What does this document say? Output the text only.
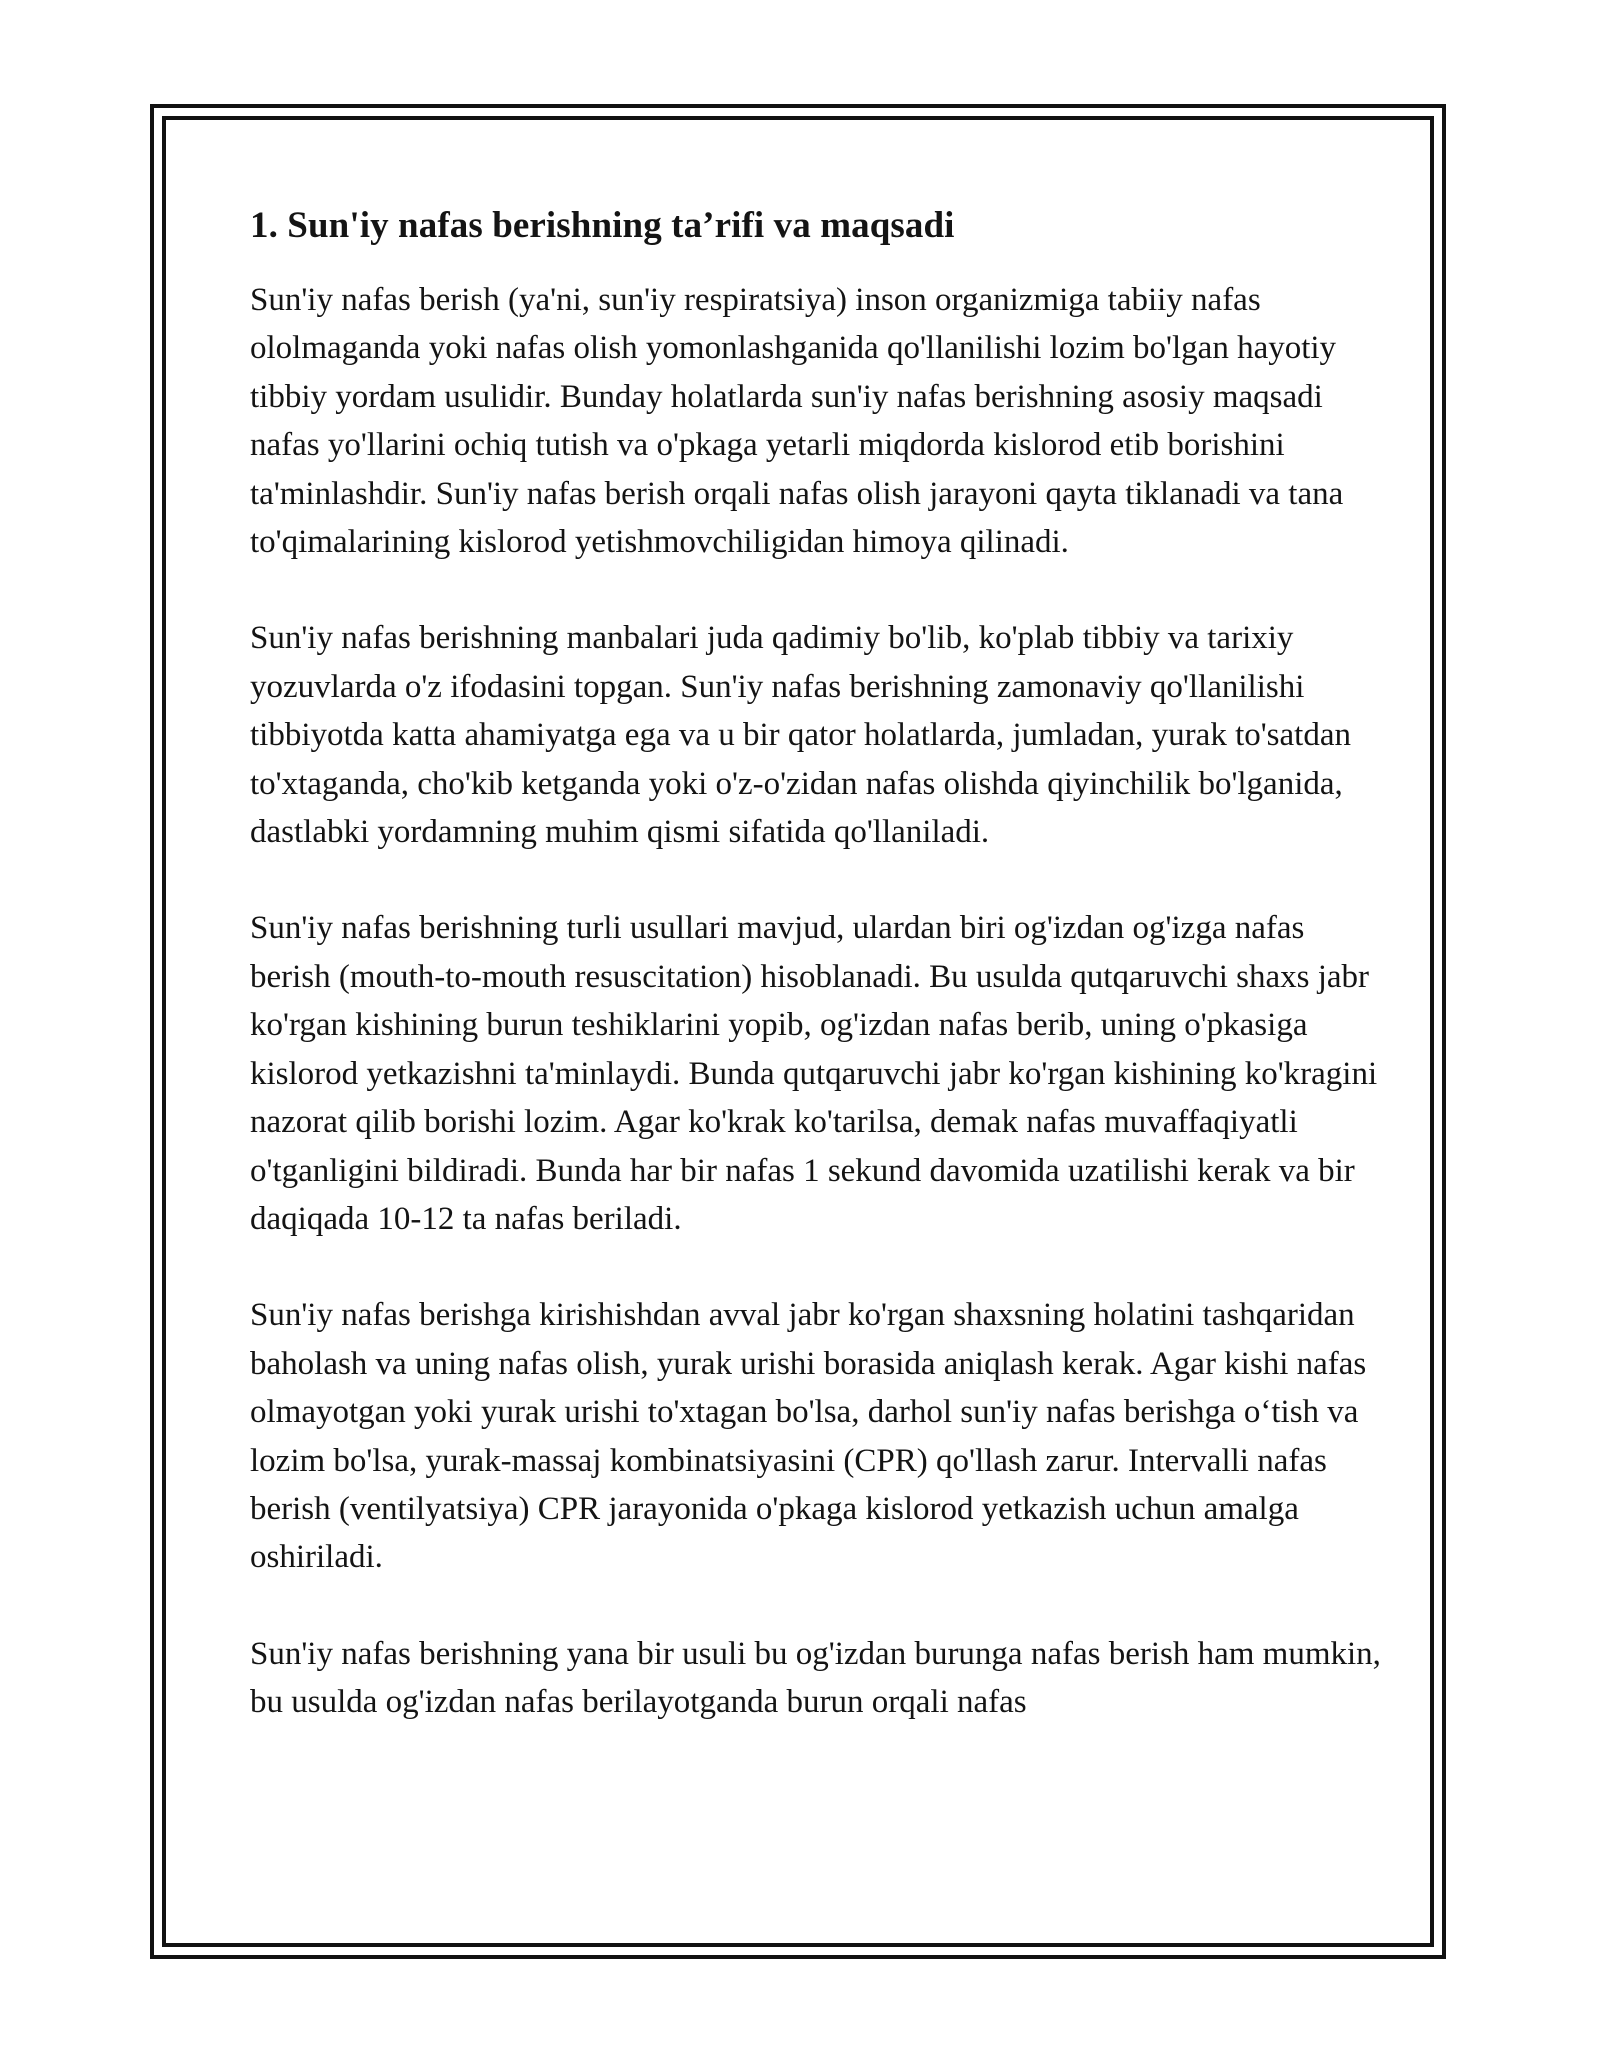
1. Sun'iy nafas berishning ta’rifi va maqsadi

Sun'iy nafas berish (ya'ni, sun'iy respiratsiya) inson organizmiga tabiiy nafas ololmaganda yoki nafas olish yomonlashganida qo'llanilishi lozim bo'lgan hayotiy tibbiy yordam usulidir. Bunday holatlarda sun'iy nafas berishning asosiy maqsadi nafas yo'llarini ochiq tutish va o'pkaga yetarli miqdorda kislorod etib borishini ta'minlashdir. Sun'iy nafas berish orqali nafas olish jarayoni qayta tiklanadi va tana to'qimalarining kislorod yetishmovchiligidan himoya qilinadi.

Sun'iy nafas berishning manbalari juda qadimiy bo'lib, ko'plab tibbiy va tarixiy yozuvlarda o'z ifodasini topgan. Sun'iy nafas berishning zamonaviy qo'llanilishi tibbiyotda katta ahamiyatga ega va u bir qator holatlarda, jumladan, yurak to'satdan to'xtaganda, cho'kib ketganda yoki o'z-o'zidan nafas olishda qiyinchilik bo'lganida, dastlabki yordamning muhim qismi sifatida qo'llaniladi.

Sun'iy nafas berishning turli usullari mavjud, ulardan biri og'izdan og'izga nafas berish (mouth-to-mouth resuscitation) hisoblanadi. Bu usulda qutqaruvchi shaxs jabr ko'rgan kishining burun teshiklarini yopib, og'izdan nafas berib, uning o'pkasiga kislorod yetkazishni ta'minlaydi. Bunda qutqaruvchi jabr ko'rgan kishining ko'kragini nazorat qilib borishi lozim. Agar ko'krak ko'tarilsa, demak nafas muvaffaqiyatli o'tganligini bildiradi. Bunda har bir nafas 1 sekund davomida uzatilishi kerak va bir daqiqada 10-12 ta nafas beriladi.

Sun'iy nafas berishga kirishishdan avval jabr ko'rgan shaxsning holatini tashqaridan baholash va uning nafas olish, yurak urishi borasida aniqlash kerak. Agar kishi nafas olmayotgan yoki yurak urishi to'xtagan bo'lsa, darhol sun'iy nafas berishga o‘tish va lozim bo'lsa, yurak-massaj kombinatsiyasini (CPR) qo'llash zarur. Intervalli nafas berish (ventilyatsiya) CPR jarayonida o'pkaga kislorod yetkazish uchun amalga oshiriladi.

Sun'iy nafas berishning yana bir usuli bu og'izdan burunga nafas berish ham mumkin, bu usulda og'izdan nafas berilayotganda burun orqali nafas
